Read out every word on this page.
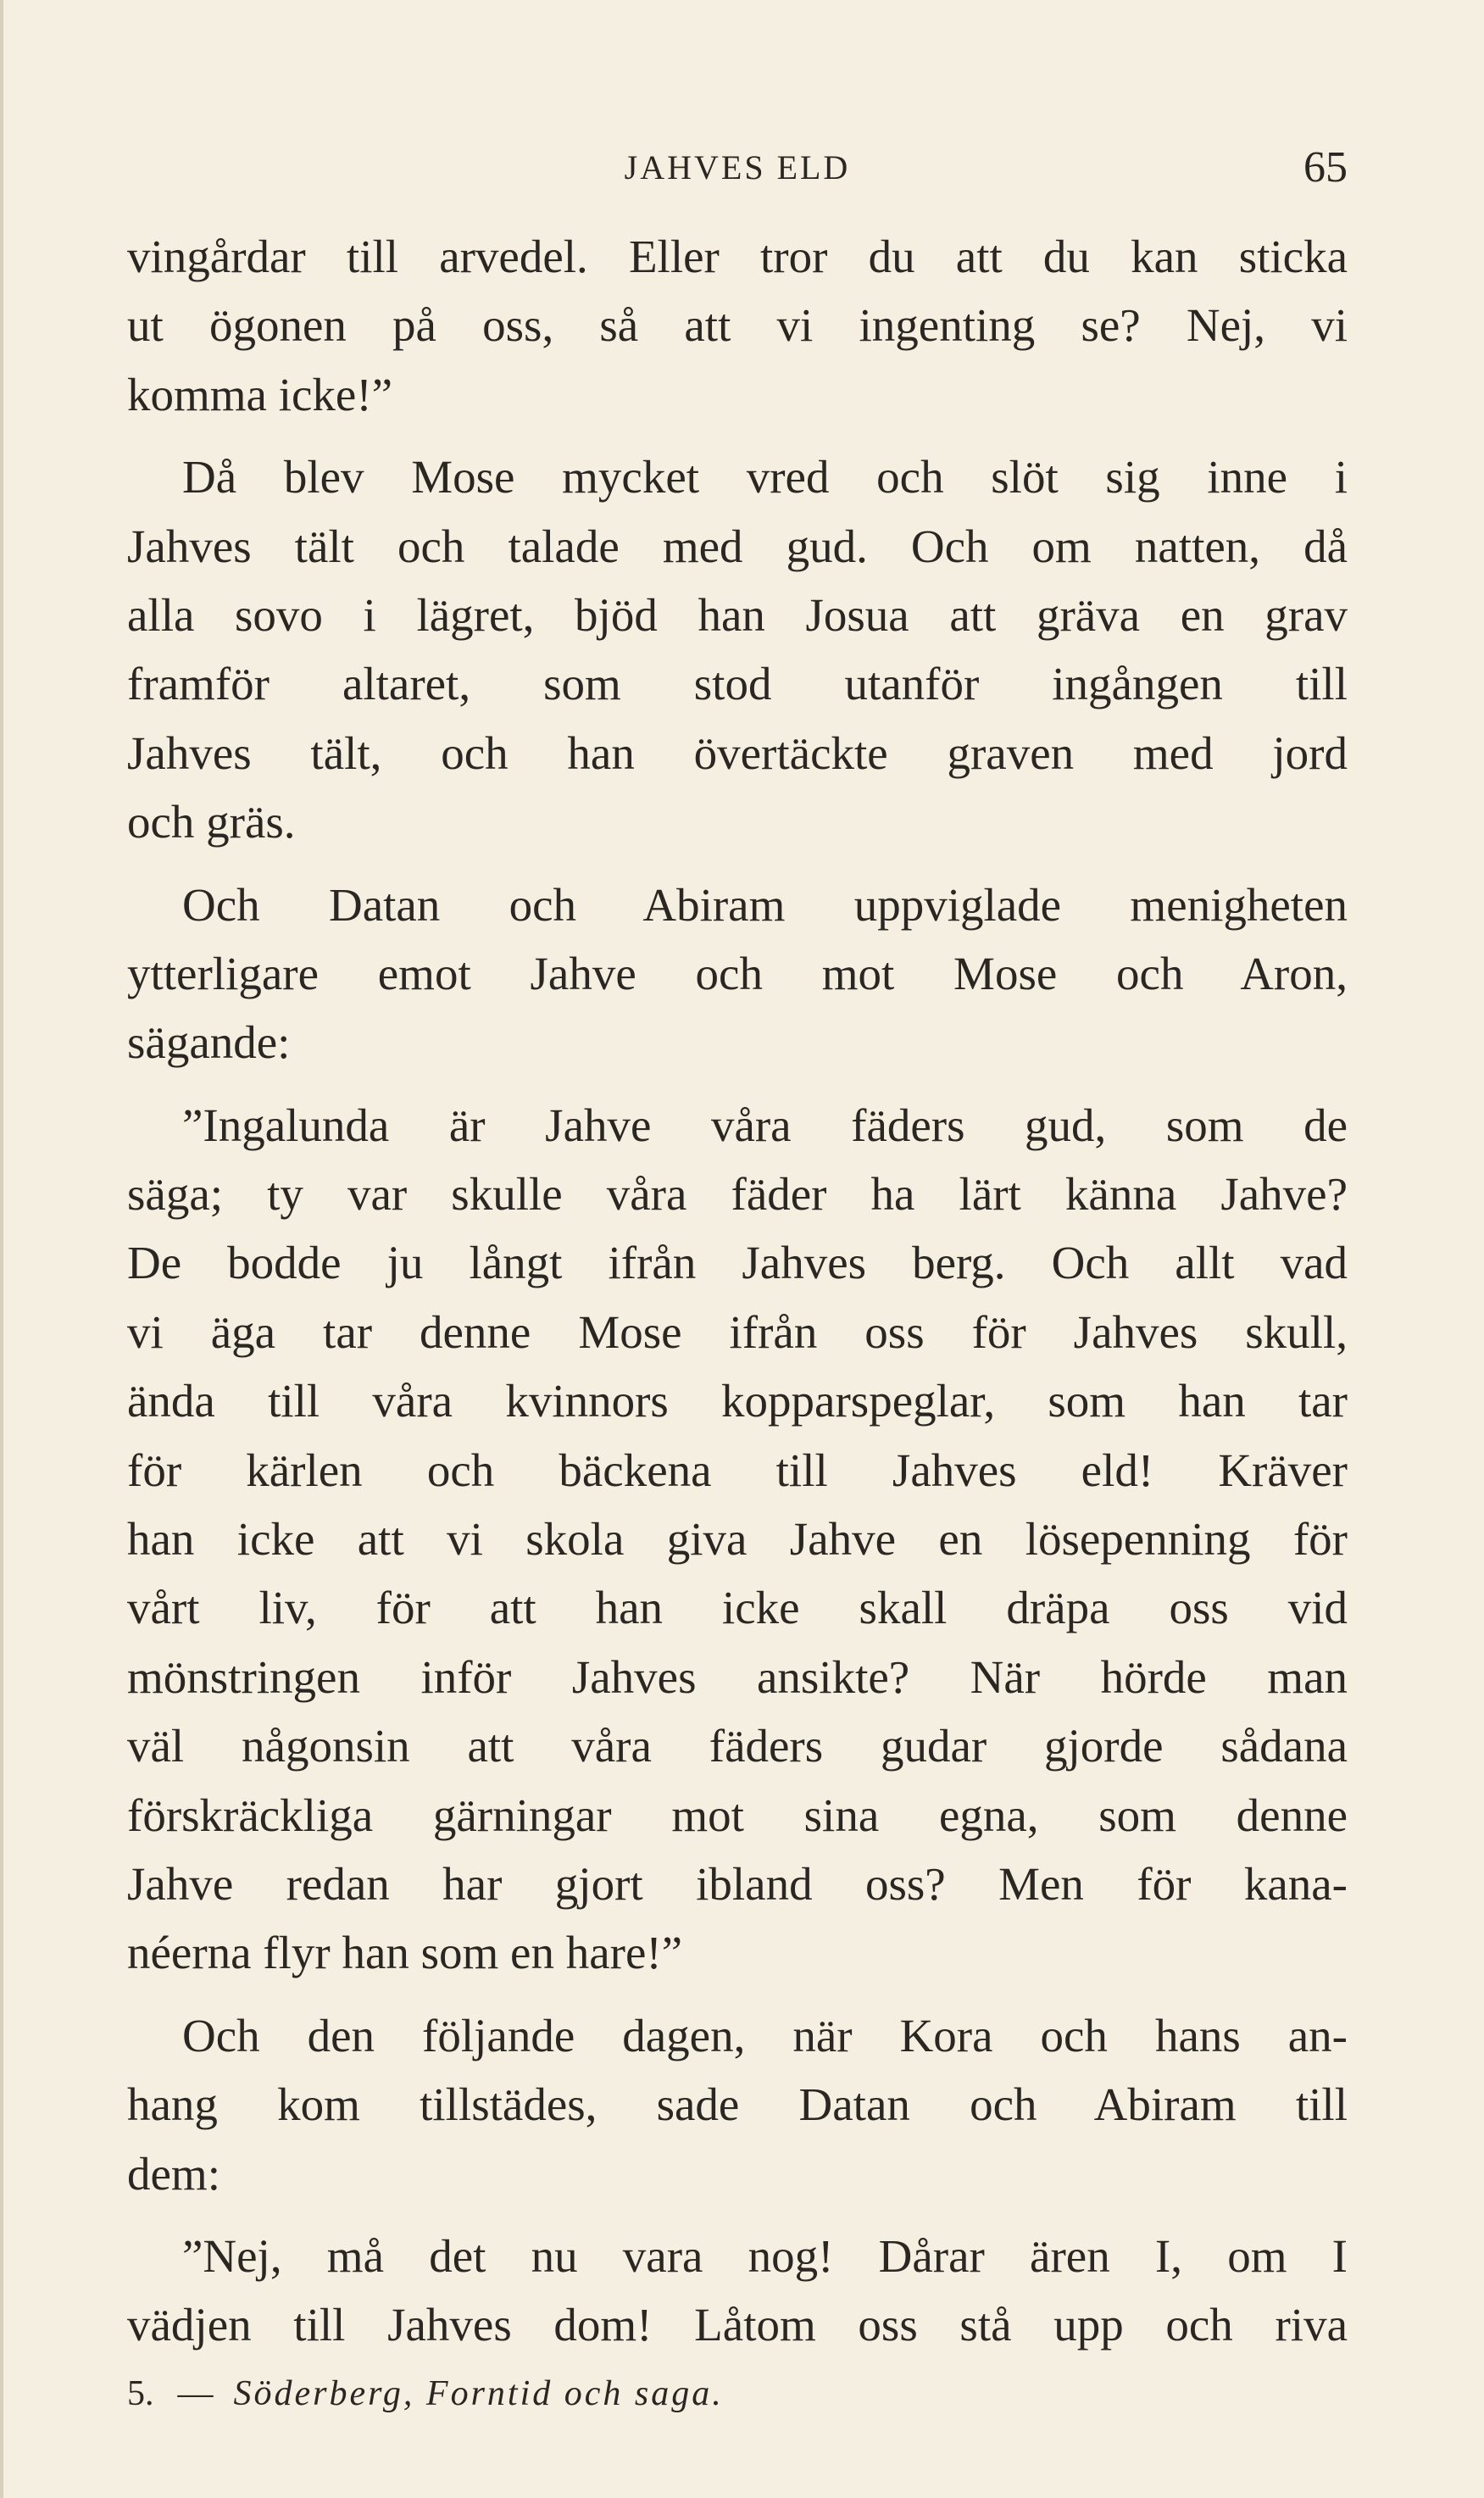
JAHVES ELD	65
vingårdar till arvedel. Eller tror du att du kan sticka
ut ögonen på oss, så att vi ingenting se? Nej, vi
komma icke!”
Då blev Mose mycket vred och slöt sig inne i
Jahves tält och talade med gud. Och om natten, då
alla sovo i lägret, bjöd han Josua att gräva en grav
framför altaret, som stod utanför ingången till
Jahves tält, och han övertäckte graven med jord
och gräs.
Och Datan och Abiram uppviglade menigheten
ytterligare emot Jahve och mot Mose och Aron,
sägande:
”Ingalunda är Jahve våra fäders gud, som de
säga; ty var skulle våra fäder ha lärt känna Jahve?
De bodde ju långt ifrån Jahves berg. Och allt vad
vi äga tar denne Mose ifrån oss för Jahves skull,
ända till våra kvinnors kopparspeglar, som han tar
för kärlen och bäckena till Jahves eld! Kräver
han icke att vi skola giva Jahve en lösepenning för
vårt liv, för att han icke skall dräpa oss vid
mönstringen inför Jahves ansikte? När hörde man
väl någonsin att våra fäders gudar gjorde sådana
förskräckliga gärningar mot sina egna, som denne
Jahve redan har gjort ibland oss? Men för kana-
néerna flyr han som en hare!”
Och den följande dagen, när Kora och hans an-
hang kom tillstädes, sade Datan och Abiram till
dem:
”Nej, må det nu vara nog! Dårar ären I, om I
vädjen till Jahves dom! Låtom oss stå upp och riva
5. — Söderberg, Forntid och saga.
